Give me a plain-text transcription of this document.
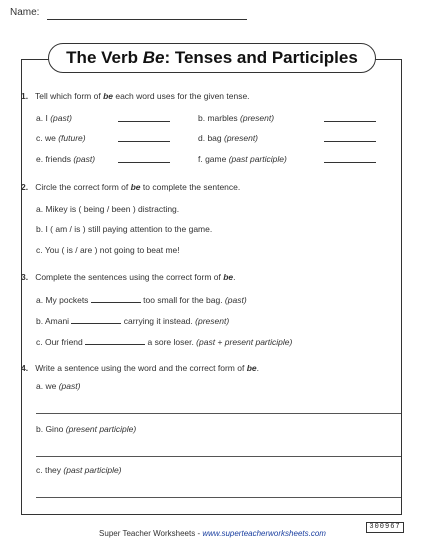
Name:
The Verb Be: Tenses and Participles
1. Tell which form of be each word uses for the given tense.
a. I (past)	b. marbles (present)
c. we (future)	d. bag (present)
e. friends (past)	f. game (past participle)
2. Circle the correct form of be to complete the sentence.
a. Mikey is ( being / been ) distracting.
b. I ( am / is ) still paying attention to the game.
c. You ( is / are ) not going to beat me!
3. Complete the sentences using the correct form of be.
a. My pockets	too small for the bag. (past)
b. Amani	carrying it instead. (present)
c. Our friend	a sore loser. (past + present participle)
4. Write a sentence using the word and the correct form of be.
a. we (past)
b. Gino (present participle)
c. they (past participle)
Super Teacher Worksheets - www.superteacherworksheets.com
300967
